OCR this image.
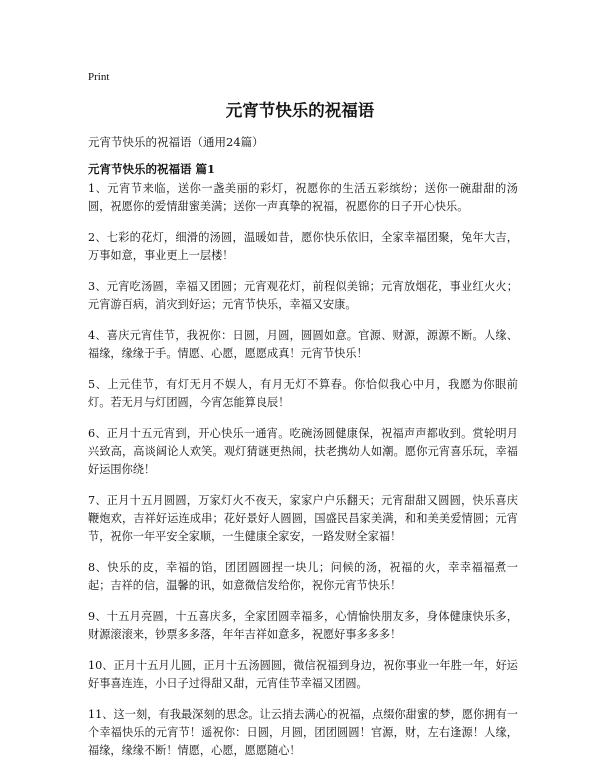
Print
元宵节快乐的祝福语
元宵节快乐的祝福语（通用24篇）
元宵节快乐的祝福语 篇1

1、元宵节来临，送你一盏美丽的彩灯，祝愿你的生活五彩缤纷；送你一碗甜甜的汤圆，祝愿你的爱情甜蜜美满；送你一声真挚的祝福，祝愿你的日子开心快乐。

2、七彩的花灯，细滑的汤圆，温暖如昔，愿你快乐依旧，全家幸福团聚，兔年大吉，万事如意，事业更上一层楼！

3、元宵吃汤圆，幸福又团圆；元宵观花灯，前程似美锦；元宵放烟花，事业红火火；元宵游百病，消灾到好运；元宵节快乐，幸福又安康。

4、喜庆元宵佳节，我祝你：日圆，月圆，圆圆如意。官源、财源，源源不断。人缘、福缘，缘缘于手。情愿、心愿，愿愿成真！元宵节快乐！

5、上元佳节，有灯无月不娱人，有月无灯不算春。你恰似我心中月，我愿为你眼前灯。若无月与灯团圆，今宵怎能算良辰！

6、正月十五元宵到，开心快乐一通宵。吃碗汤圆健康保，祝福声声都收到。赏轮明月兴致高，高谈阔论人欢笑。观灯猜谜更热闹，扶老携幼人如潮。愿你元宵喜乐玩，幸福好运围你绕！

7、正月十五月圆圆，万家灯火不夜天，家家户户乐翻天；元宵甜甜又圆圆，快乐喜庆鞭炮欢，吉祥好运连成串；花好景好人圆圆，国盛民昌家美满，和和美美爱情圆；元宵节，祝你一年平安全家顺，一生健康全家安，一路发财全家福！

8、快乐的皮，幸福的馅，团团圆圆捏一块儿；问候的汤，祝福的火，幸幸福福煮一起；吉祥的信，温馨的讯，如意微信发给你，祝你元宵节快乐！

9、十五月亮圆，十五喜庆多，全家团圆幸福多，心情愉快朋友多，身体健康快乐多，财源滚滚来，钞票多多落，年年吉祥如意多，祝愿好事多多多！

10、正月十五月儿圆，正月十五汤圆圆，微信祝福到身边，祝你事业一年胜一年，好运好事喜连连，小日子过得甜又甜，元宵佳节幸福又团圆。

11、这一刻，有我最深刻的思念。让云捎去满心的祝福，点缀你甜蜜的梦，愿你拥有一个幸福快乐的元宵节！遥祝你：日圆，月圆，团团圆圆！官源，财，左右逢源！人缘，福缘，缘缘不断！情愿，心愿，愿愿随心！
